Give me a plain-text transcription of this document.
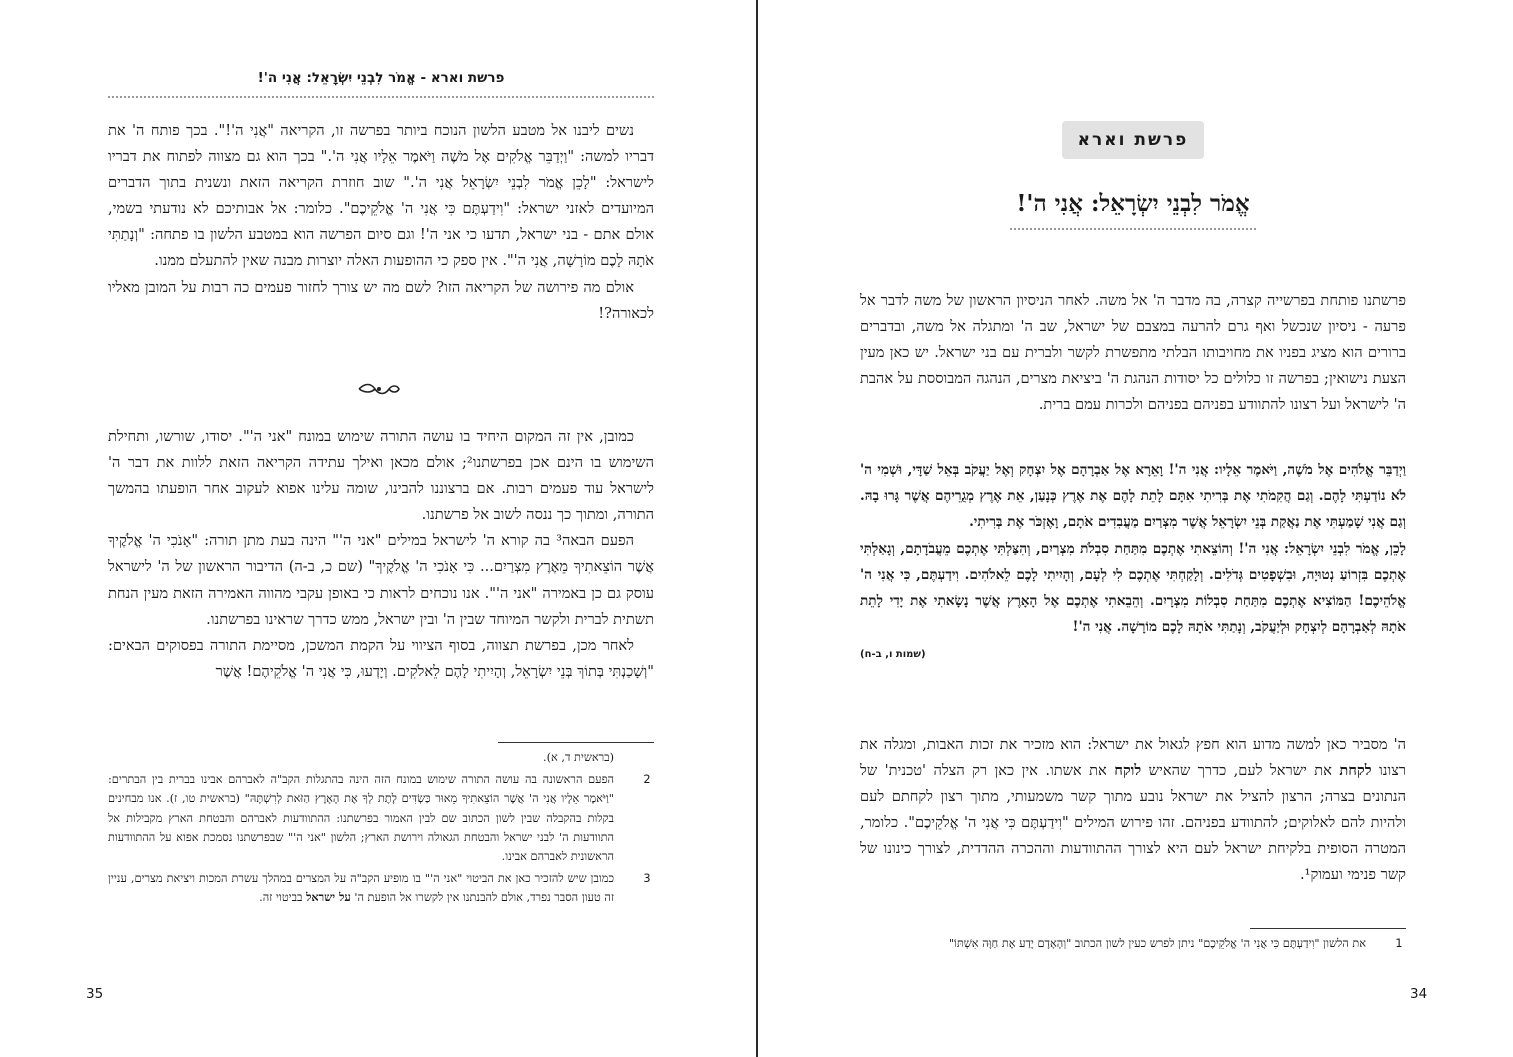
פרשת וארא - אֱמֹר לִבְנֵי יִשְׂרָאֵל: אֲנִי ה'!

נשים ליבנו אל מטבע הלשון הנוכח ביותר בפרשה זו, הקריאה "אֲנִי ה'!". בכך פותח ה' את דבריו למשה: "וַיְדַבֵּר אֱלֹקִים אֶל מֹשֶׁה וַיֹּאמֶר אֵלָיו אֲנִי ה'." בכך הוא גם מצווה לפתוח את דבריו לישראל: "לָכֵן אֱמֹר לִבְנֵי יִשְׂרָאֵל אֲנִי ה'." שוב חוזרת הקריאה הזאת ונשנית בתוך הדברים המיועדים לאזני ישראל: "וִידַעְתֶּם כִּי אֲנִי ה' אֱלֹקֵיכֶם". כלומר: אל אבותיכם לא נודעתי בשמי, אולם אתם - בני ישראל, תדעו כי אני ה'! וגם סיום הפרשה הוא במטבע הלשון בו פתחה: "וְנָתַתִּי אֹתָהּ לָכֶם מוֹרָשָׁה, אֲנִי ה'". אין ספק כי ההופעות האלה יוצרות מבנה שאין להתעלם ממנו.

אולם מה פירושה של הקריאה הזו? לשם מה יש צורך לחזור פעמים כה רבות על המובן מאליו לכאורה?!

כמובן, אין זה המקום היחיד בו עושה התורה שימוש במונח "אני ה'". יסודו, שורשו, ותחילת השימוש בו הינם אכן בפרשתנו²; אולם מכאן ואילך עתידה הקריאה הזאת ללוות את דבר ה' לישראל עוד פעמים רבות. אם ברצוננו להבינו, שומה עלינו אפוא לעקוב אחר הופעתו בהמשך התורה, ומתוך כך ננסה לשוב אל פרשתנו.

הפעם הבאה³ בה קורא ה' לישראל במילים "אני ה'" הינה בעת מתן תורה: "אָנֹכִי ה' אֱלֹקֶיךָ אֲשֶׁר הוֹצֵאתִיךָ מֵאֶרֶץ מִצְרַיִם... כִּי אָנֹכִי ה' אֱלֹקֶיךָ" (שם כ, ב-ה) הדיבור הראשון של ה' לישראל עוסק גם כן באמירה "אני ה'". אנו נוכחים לראות כי באופן עקבי מהווה האמירה הזאת מעין הנחת תשתית לברית ולקשר המיוחד שבין ה' ובין ישראל, ממש כדרך שראינו בפרשתנו.

לאחר מכן, בפרשת תצווה, בסוף הציווי על הקמת המשכן, מסיימת התורה בפסוקים הבאים: "וְשָׁכַנְתִּי בְּתוֹךְ בְּנֵי יִשְׂרָאֵל, וְהָיִיתִי לָהֶם לֵאלֹקִים. וְיָדְעוּ, כִּי אֲנִי ה' אֱלֹקֵיהֶם! אֲשֶׁר

(בראשית ד, א).
2
הפעם הראשונה בה עושה התורה שימוש במונח הזה הינה בהתגלות הקב"ה לאברהם אבינו בברית בין הבתרים: "וַיֹּאמֶר אֵלָיו אֲנִי ה' אֲשֶׁר הוֹצֵאתִיךָ מֵאוּר כַּשְׂדִּים לָתֶת לְךָ אֶת הָאָרֶץ הַזֹּאת לְרִשְׁתָּהּ" (בראשית טו, ז). אנו מבחינים בקלות בהקבלה שבין לשון הכתוב שם לבין האמור בפרשתנו: ההתוודעות לאברהם והבטחת הארץ מקבילות אל התוודעות ה' לבני ישראל והבטחת הגאולה וירושת הארץ; הלשון "אני ה'" שבפרשתנו נסמכת אפוא על ההתוודעות הראשונית לאברהם אבינו.
3
כמובן שיש להזכיר כאן את הביטוי "אני ה'" בו מופיע הקב"ה על המצרים במהלך עשרת המכות ויציאת מצרים, עניין זה טעון הסבר נפרד, אולם להבנתנו אין לקשרו אל הופעת ה' על ישראל בביטוי זה.
35
פרשת וארא
אֱמֹר לִבְנֵי יִשְׂרָאֵל: אֲנִי ה'!

פרשתנו פותחת בפרשייה קצרה, בה מדבר ה' אל משה. לאחר הניסיון הראשון של משה לדבר אל פרעה - ניסיון שנכשל ואף גרם להרעה במצבם של ישראל, שב ה' ומתגלה אל משה, ובדברים ברורים הוא מציג בפניו את מחויבותו הבלתי מתפשרת לקשר ולברית עם בני ישראל. יש כאן מעין הצעת נישואין; בפרשה זו כלולים כל יסודות הנהגת ה' ביציאת מצרים, הנהגה המבוססת על אהבת ה' לישראל ועל רצונו להתוודע בפניהם בפניהם ולכרות עמם ברית.

וַיְדַבֵּר אֱלֹהִים אֶל מֹשֶׁה, וַיֹּאמֶר אֵלָיו: אֲנִי ה'! וָאֵרָא אֶל אַבְרָהָם אֶל יִצְחָק וְאֶל יַעֲקֹב בְּאֵל שַׁדָּי, וּשְׁמִי ה' לֹא נוֹדַעְתִּי לָהֶם. וְגַם הֲקִמֹתִי אֶת בְּרִיתִי אִתָּם לָתֵת לָהֶם אֶת אֶרֶץ כְּנָעַן, אֵת אֶרֶץ מְגֻרֵיהֶם אֲשֶׁר גָּרוּ בָהּ. וְגַם אֲנִי שָׁמַעְתִּי אֶת נַאֲקַת בְּנֵי יִשְׂרָאֵל אֲשֶׁר מִצְרַיִם מַעֲבִדִים אֹתָם, וָאֶזְכֹּר אֶת בְּרִיתִי.
לָכֵן, אֱמֹר לִבְנֵי יִשְׂרָאֵל: אֲנִי ה'! וְהוֹצֵאתִי אֶתְכֶם מִתַּחַת סִבְלֹת מִצְרַיִם, וְהִצַּלְתִּי אֶתְכֶם מֵעֲבֹדָתָם, וְגָאַלְתִּי אֶתְכֶם בִּזְרוֹעַ נְטוּיָה, וּבִשְׁפָטִים גְּדֹלִים. וְלָקַחְתִּי אֶתְכֶם לִי לְעָם, וְהָיִיתִי לָכֶם לֵאלֹהִים. וִידַעְתֶּם, כִּי אֲנִי ה' אֱלֹהֵיכֶם! הַמּוֹצִיא אֶתְכֶם מִתַּחַת סִבְלוֹת מִצְרָיִם. וְהֵבֵאתִי אֶתְכֶם אֶל הָאָרֶץ אֲשֶׁר נָשָׂאתִי אֶת יָדִי לָתֵת אֹתָהּ לְאַבְרָהָם לְיִצְחָק וּלְיַעֲקֹב, וְנָתַתִּי אֹתָהּ לָכֶם מוֹרָשָׁה. אֲנִי ה'!
(שמות ו, ב-ח)

ה' מסביר כאן למשה מדוע הוא חפץ לגאול את ישראל: הוא מזכיר את זכות האבות, ומגלה את רצונו לקחת את ישראל לעם, כדרך שהאיש לוקח את אשתו. אין כאן רק הצלה 'טכנית' של הנתונים בצרה; הרצון להציל את ישראל נובע מתוך קשר משמעותי, מתוך רצון לקחתם לעם ולהיות להם לאלוקים; להתוודע בפניהם. זהו פירוש המילים "וִידַעְתֶּם כִּי אֲנִי ה' אֱלֹקֵיכֶם". כלומר, המטרה הסופית בלקיחת ישראל לעם היא לצורך ההתוודעות וההכרה ההדדית, לצורך כינונו של קשר פנימי ועמוק¹.

1
את הלשון "וִידַעְתֶּם כִּי אֲנִי ה' אֱלֹקֵיכֶם" ניתן לפרש כעין לשון הכתוב "וְהָאָדָם יָדַע אֶת חַוָּה אִשְׁתּוֹ"
34
